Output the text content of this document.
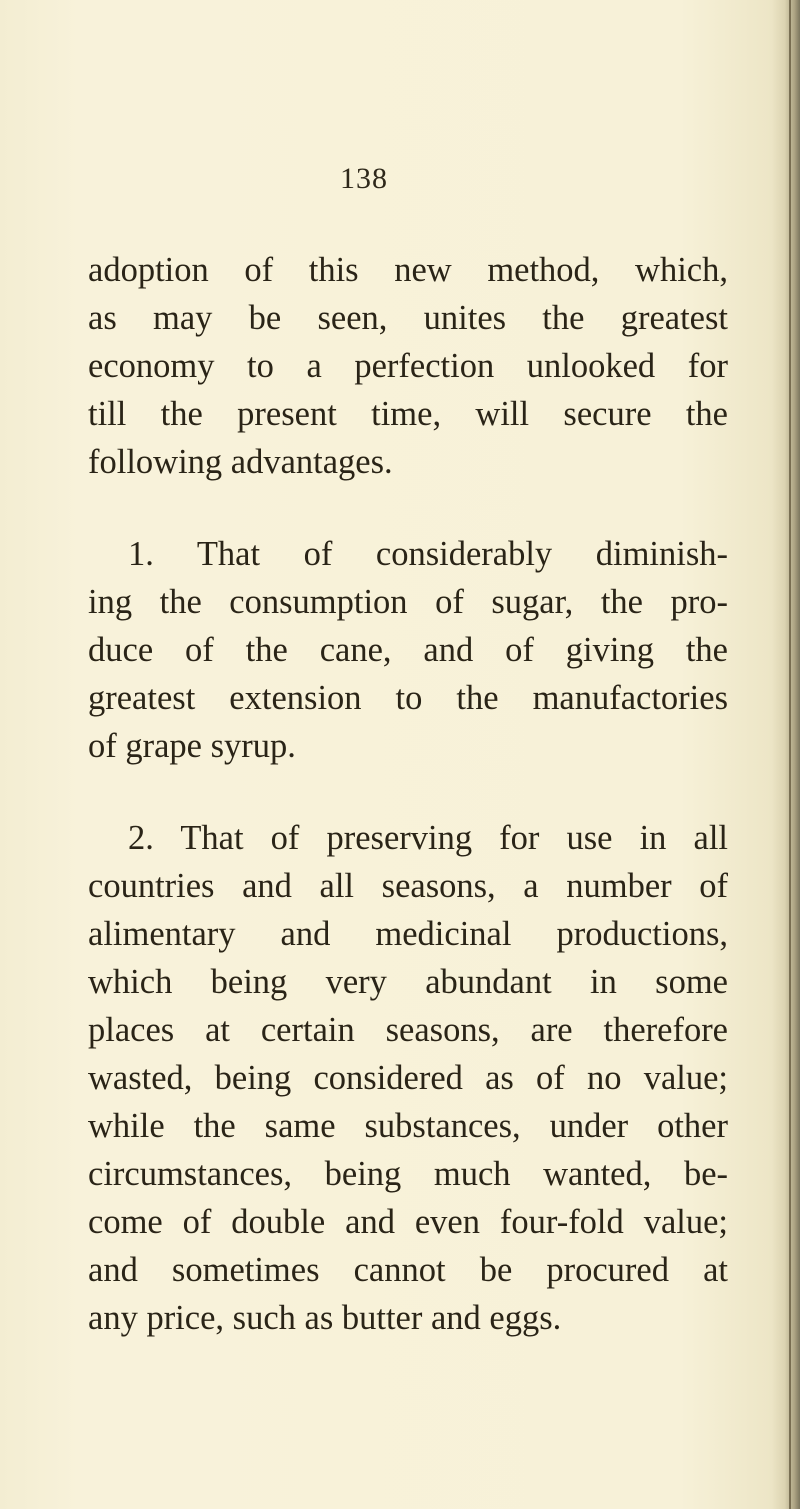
138
adoption of this new method, which,
as may be seen, unites the greatest
economy to a perfection unlooked for
till the present time, will secure the
following advantages.
1. That of considerably diminish-
ing the consumption of sugar, the pro-
duce of the cane, and of giving the
greatest extension to the manufactories
of grape syrup.
2. That of preserving for use in all
countries and all seasons, a number of
alimentary and medicinal productions,
which being very abundant in some
places at certain seasons, are therefore
wasted, being considered as of no value;
while the same substances, under other
circumstances, being much wanted, be-
come of double and even four-fold value;
and sometimes cannot be procured at
any price, such as butter and eggs.
